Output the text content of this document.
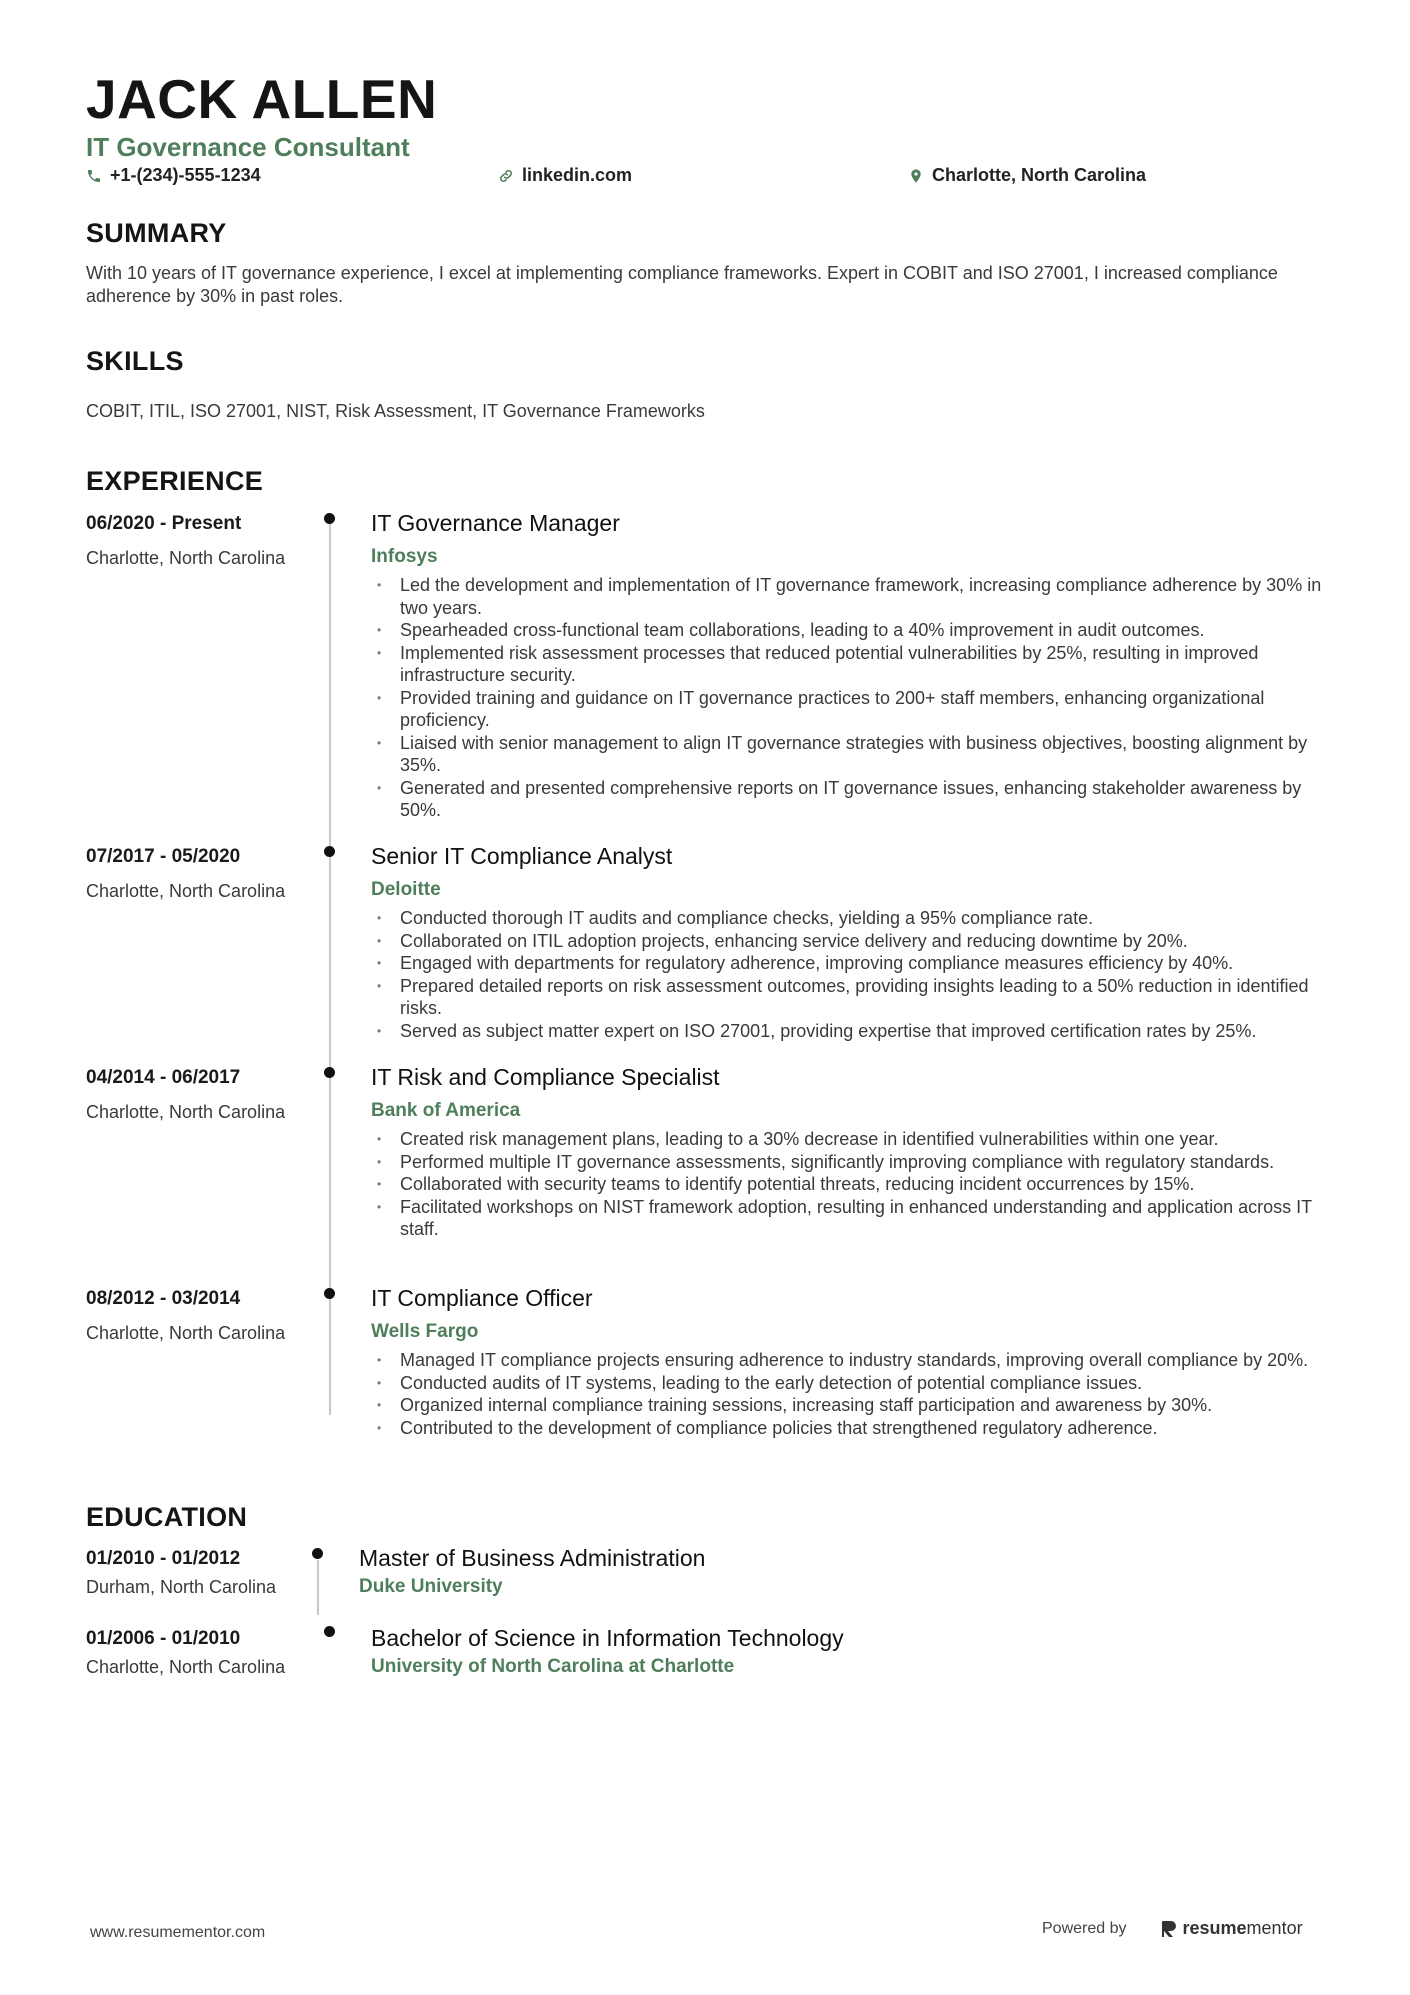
JACK ALLEN
IT Governance Consultant
+1-(234)-555-1234	linkedin.com	Charlotte, North Carolina
SUMMARY
With 10 years of IT governance experience, I excel at implementing compliance frameworks. Expert in COBIT and ISO 27001, I increased compliance adherence by 30% in past roles.
SKILLS
COBIT, ITIL, ISO 27001, NIST, Risk Assessment, IT Governance Frameworks
EXPERIENCE
06/2020 - Present
Charlotte, North Carolina
IT Governance Manager
Infosys
• Led the development and implementation of IT governance framework, increasing compliance adherence by 30% in two years.
• Spearheaded cross-functional team collaborations, leading to a 40% improvement in audit outcomes.
• Implemented risk assessment processes that reduced potential vulnerabilities by 25%, resulting in improved infrastructure security.
• Provided training and guidance on IT governance practices to 200+ staff members, enhancing organizational proficiency.
• Liaised with senior management to align IT governance strategies with business objectives, boosting alignment by 35%.
• Generated and presented comprehensive reports on IT governance issues, enhancing stakeholder awareness by 50%.
07/2017 - 05/2020
Charlotte, North Carolina
Senior IT Compliance Analyst
Deloitte
• Conducted thorough IT audits and compliance checks, yielding a 95% compliance rate.
• Collaborated on ITIL adoption projects, enhancing service delivery and reducing downtime by 20%.
• Engaged with departments for regulatory adherence, improving compliance measures efficiency by 40%.
• Prepared detailed reports on risk assessment outcomes, providing insights leading to a 50% reduction in identified risks.
• Served as subject matter expert on ISO 27001, providing expertise that improved certification rates by 25%.
04/2014 - 06/2017
Charlotte, North Carolina
IT Risk and Compliance Specialist
Bank of America
• Created risk management plans, leading to a 30% decrease in identified vulnerabilities within one year.
• Performed multiple IT governance assessments, significantly improving compliance with regulatory standards.
• Collaborated with security teams to identify potential threats, reducing incident occurrences by 15%.
• Facilitated workshops on NIST framework adoption, resulting in enhanced understanding and application across IT staff.
08/2012 - 03/2014
Charlotte, North Carolina
IT Compliance Officer
Wells Fargo
• Managed IT compliance projects ensuring adherence to industry standards, improving overall compliance by 20%.
• Conducted audits of IT systems, leading to the early detection of potential compliance issues.
• Organized internal compliance training sessions, increasing staff participation and awareness by 30%.
• Contributed to the development of compliance policies that strengthened regulatory adherence.
EDUCATION
01/2010 - 01/2012
Durham, North Carolina
Master of Business Administration
Duke University
01/2006 - 01/2010
Charlotte, North Carolina
Bachelor of Science in Information Technology
University of North Carolina at Charlotte
www.resumementor.com	Powered by	resumementor
